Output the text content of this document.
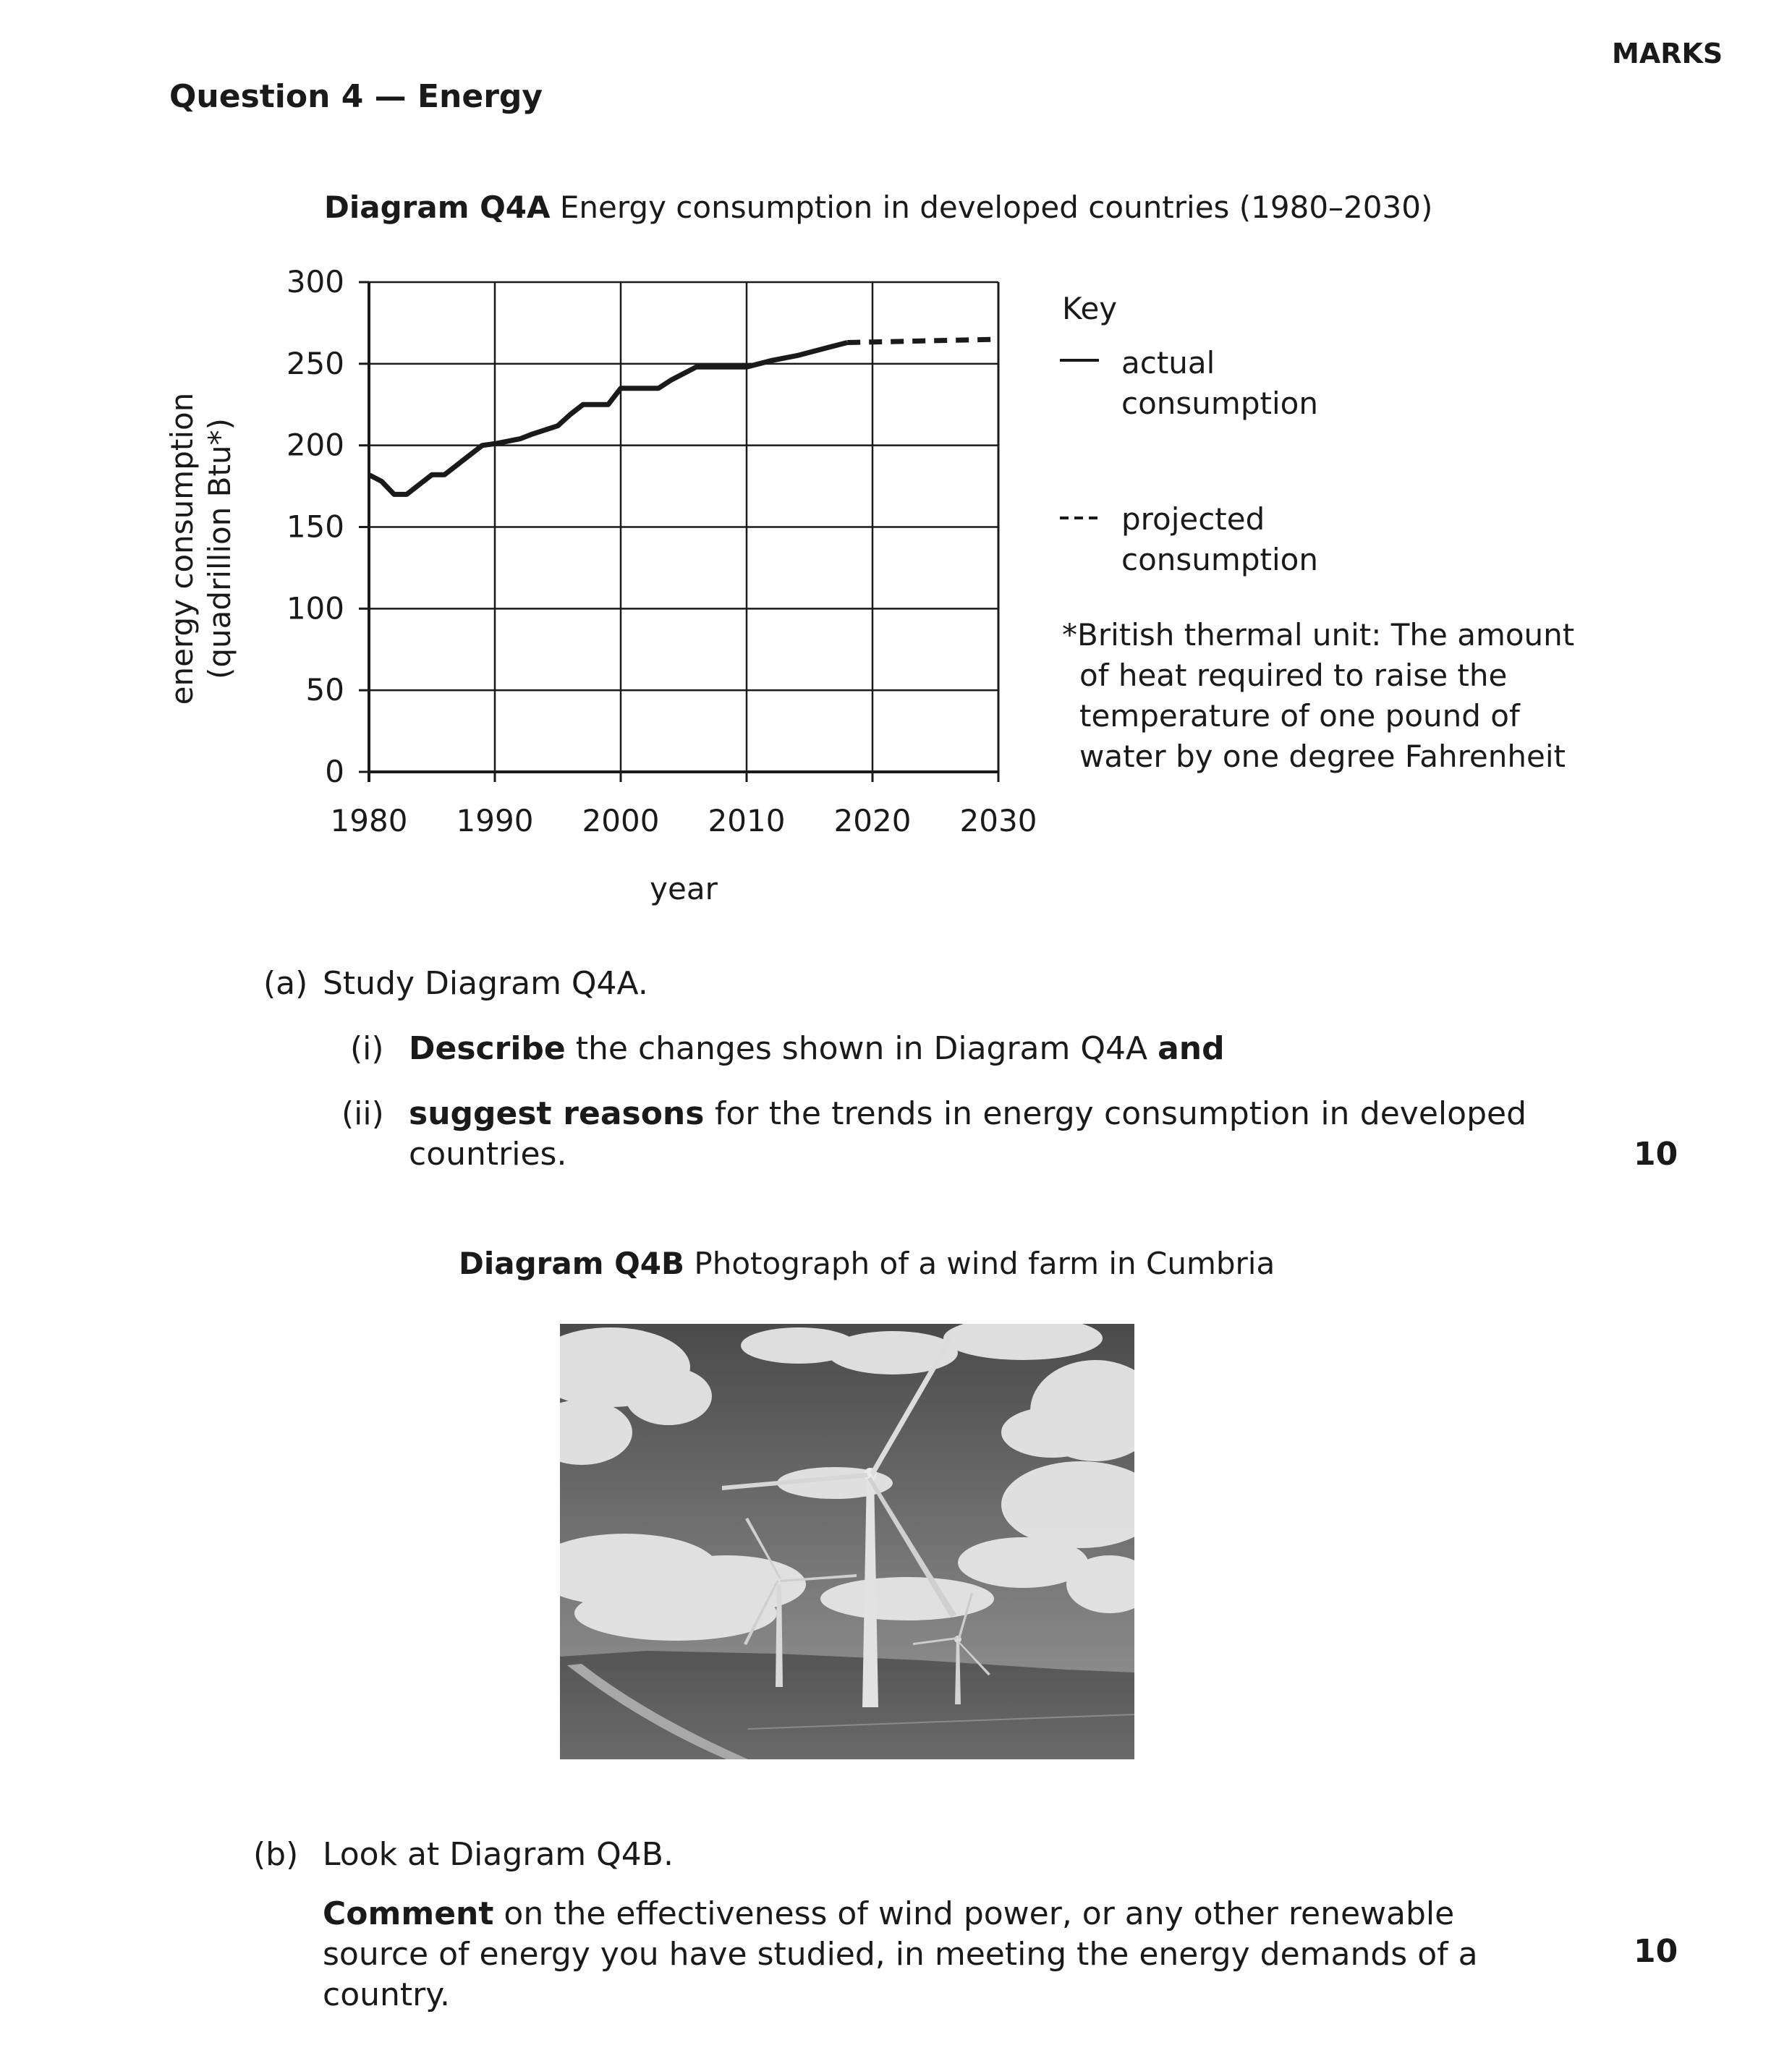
MARKS
Question 4 — Energy
Diagram Q4A Energy consumption in developed countries (1980–2030)
0
50
100
150
200
250
300
1980 1990 2000 2010 2020 2030
year
energy consumption (quadrillion Btu*)
Key
actual
consumption
projected
consumption
*British thermal unit: The amount
of heat required to raise the
temperature of one pound of
water by one degree Fahrenheit
(a) Study Diagram Q4A.
(i) Describe the changes shown in Diagram Q4A and
(ii) suggest reasons for the trends in energy consumption in developed countries.	10
Diagram Q4B Photograph of a wind farm in Cumbria
(b) Look at Diagram Q4B.
Comment on the effectiveness of wind power, or any other renewable source of energy you have studied, in meeting the energy demands of a country.
10
